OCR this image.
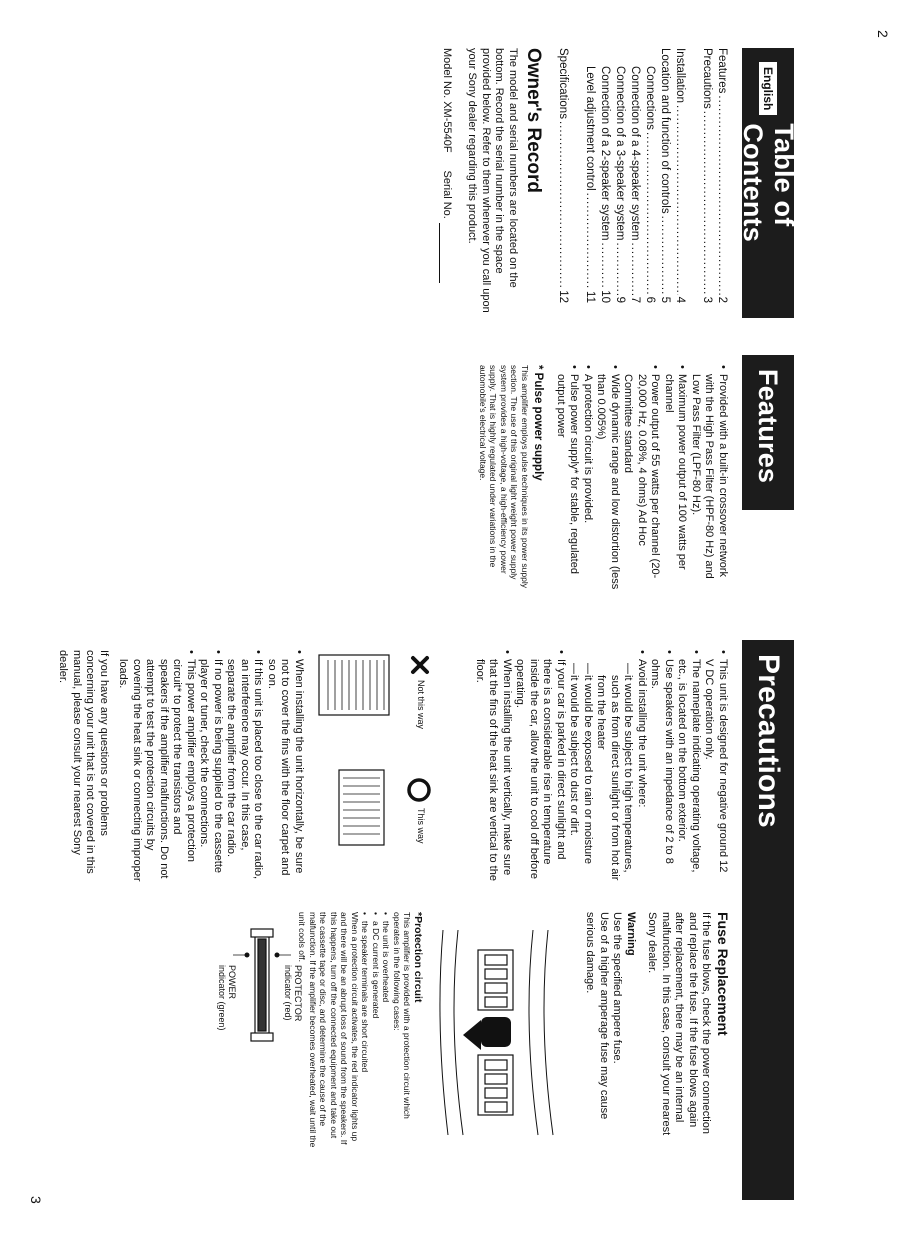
2
English
Table of Contents
Features
.....
2
Precautions
.....
3
Installation
.....
4
Location and function of controls
.....
5
Connections
.....
6
Connection of a 4-speaker system
.....
7
Connection of a 3-speaker system
.....
9
Connection of a 2-speaker system
.....
10
Level adjustment control
.....
11
Specifications
.....
12
Owner's Record

The model and serial numbers are located on the bottom. Record the serial number in the space provided below. Refer to them whenever you call upon your Sony dealer regarding this product.

Model No. XM-5540F
Serial No.
Features
• Provided with a built-in crossover network with the High Pass Filter (HPF-80 Hz) and Low Pass Filter (LPF-80 Hz).
• Maximum power output of 100 watts per channel
• Power output of 55 watts per channel (20-20,000 Hz, 0.08%, 4 ohms) Ad Hoc Committee standard
• Wide dynamic range and low distortion (less than 0.005%)
• A protection circuit is provided.
• Pulse power supply* for stable, regulated output power
* Pulse power supply

This amplifier employs pulse techniques in its power supply section. The use of this original light weight power supply system provides a high-voltage, a high-efficiency power supply. That is highly regulated under variations in the automobile's electrical voltage.

Precautions
• This unit is designed for negative ground 12 V DC operation only.
• The nameplate indicating operating voltage, etc., is located on the bottom exterior.
• Use speakers with an impedance of 2 to 8 ohms.
• Avoid installing the unit where:
— it would be subject to high temperatures, such as from direct sunlight or from hot air from the heater
— it would be exposed to rain or moisture
— it would be subject to dust or dirt.
• If your car is parked in direct sunlight and there is a considerable rise in temperature inside the car, allow the unit to cool off before operating.
• When installing the unit vertically, make sure that the fins of the heat sink are vertical to the floor.
Not this way
This way
• When installing the unit horizontally, be sure not to cover the fins with the floor carpet and so on.
• If this unit is placed too close to the car radio, an interference may occur. In this case, separate the amplifier from the car radio.
• If no power is being supplied to the cassette player or tuner, check the connections.
• This power amplifier employs a protection circuit* to protect the transistors and speakers if the amplifier malfunctions. Do not attempt to test the protection circuits by covering the heat sink or connecting improper loads.

If you have any questions or problems concerning your unit that is not covered in this manual, please consult your nearest Sony dealer.

Fuse Replacement

If the fuse blows, check the power connection and replace the fuse. If the fuse blows again after replacement, there may be an internal malfunction. In this case, consult your nearest Sony dealer.

Warning

Use the specified ampere fuse.

Use of a higher amperage fuse may cause serious damage.

*Protection circuit

This amplifier is provided with a protection circuit which operates in the following cases:

• the unit is overheated
• a DC current is generated
• the speaker terminals are short circuited

When a protection circuit activates, the red indicator lights up and there will be an abrupt loss of sound from the speakers. If this happens, turn off the connected equipment and take out the cassette tape or disc, and determine the cause of the malfunction. If the amplifier becomes overheated, wait until the unit cools off.

PROTECTOR
indicator (red)
POWER
indicator (green)
3
